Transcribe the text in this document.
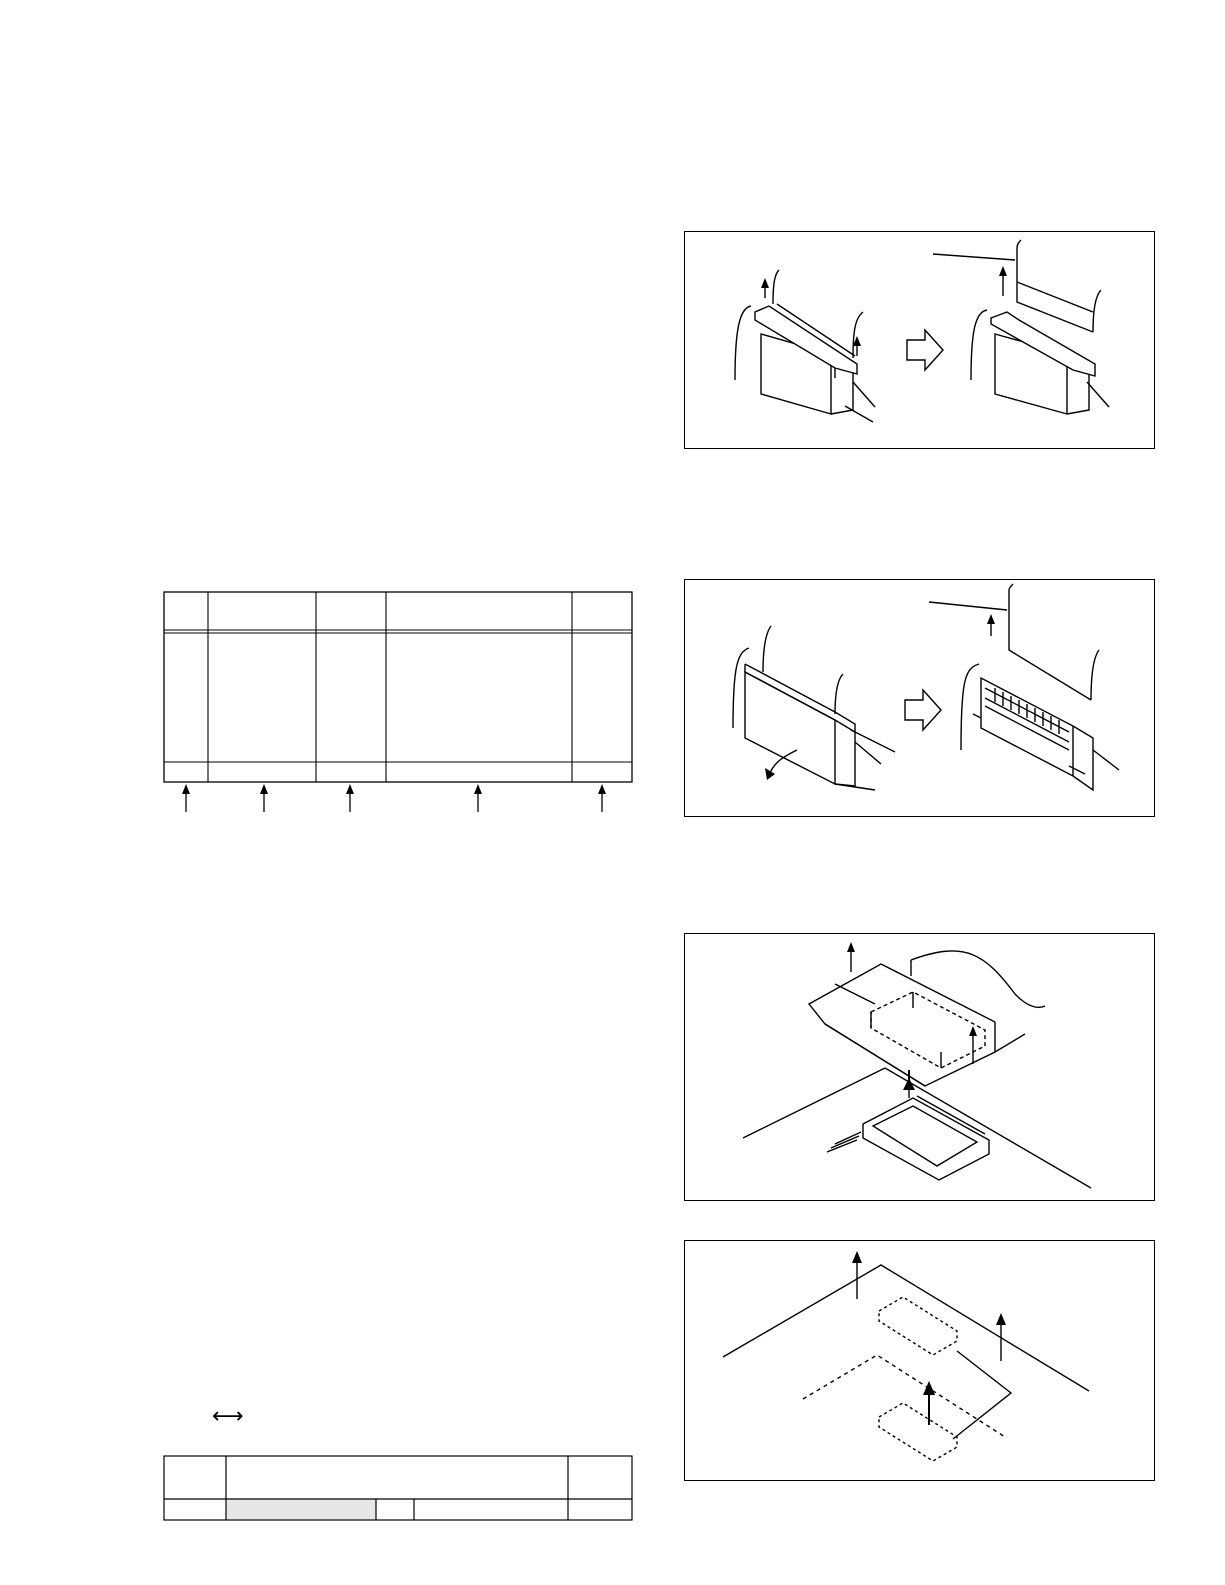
⟷
